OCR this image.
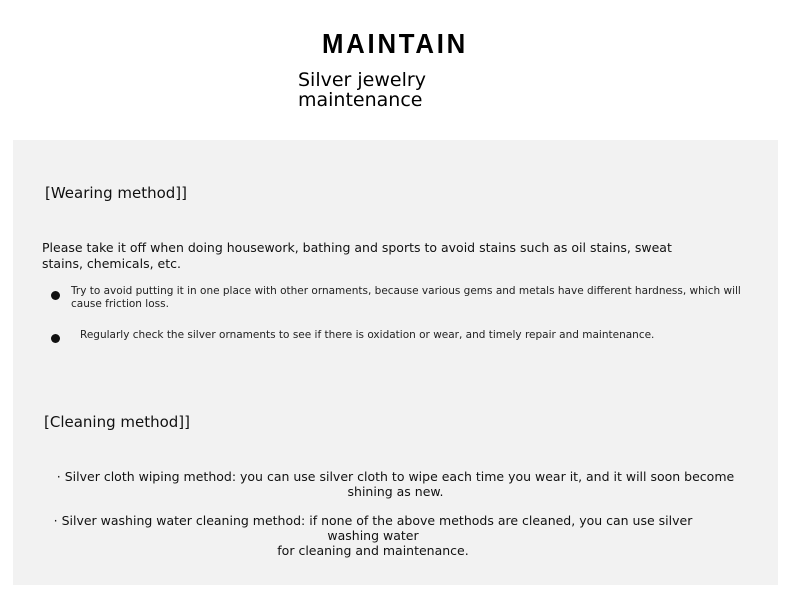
MAINTAIN
Silver jewelry
maintenance
[Wearing method]]
Please take it off when doing housework, bathing and sports to avoid stains such as oil stains, sweat
stains, chemicals, etc.
Try to avoid putting it in one place with other ornaments, because various gems and metals have different hardness, which will
cause friction loss.
Regularly check the silver ornaments to see if there is oxidation or wear, and timely repair and maintenance.
[Cleaning method]]
· Silver cloth wiping method: you can use silver cloth to wipe each time you wear it, and it will soon become
shining as new.
· Silver washing water cleaning method: if none of the above methods are cleaned, you can use silver washing water
for cleaning and maintenance.
